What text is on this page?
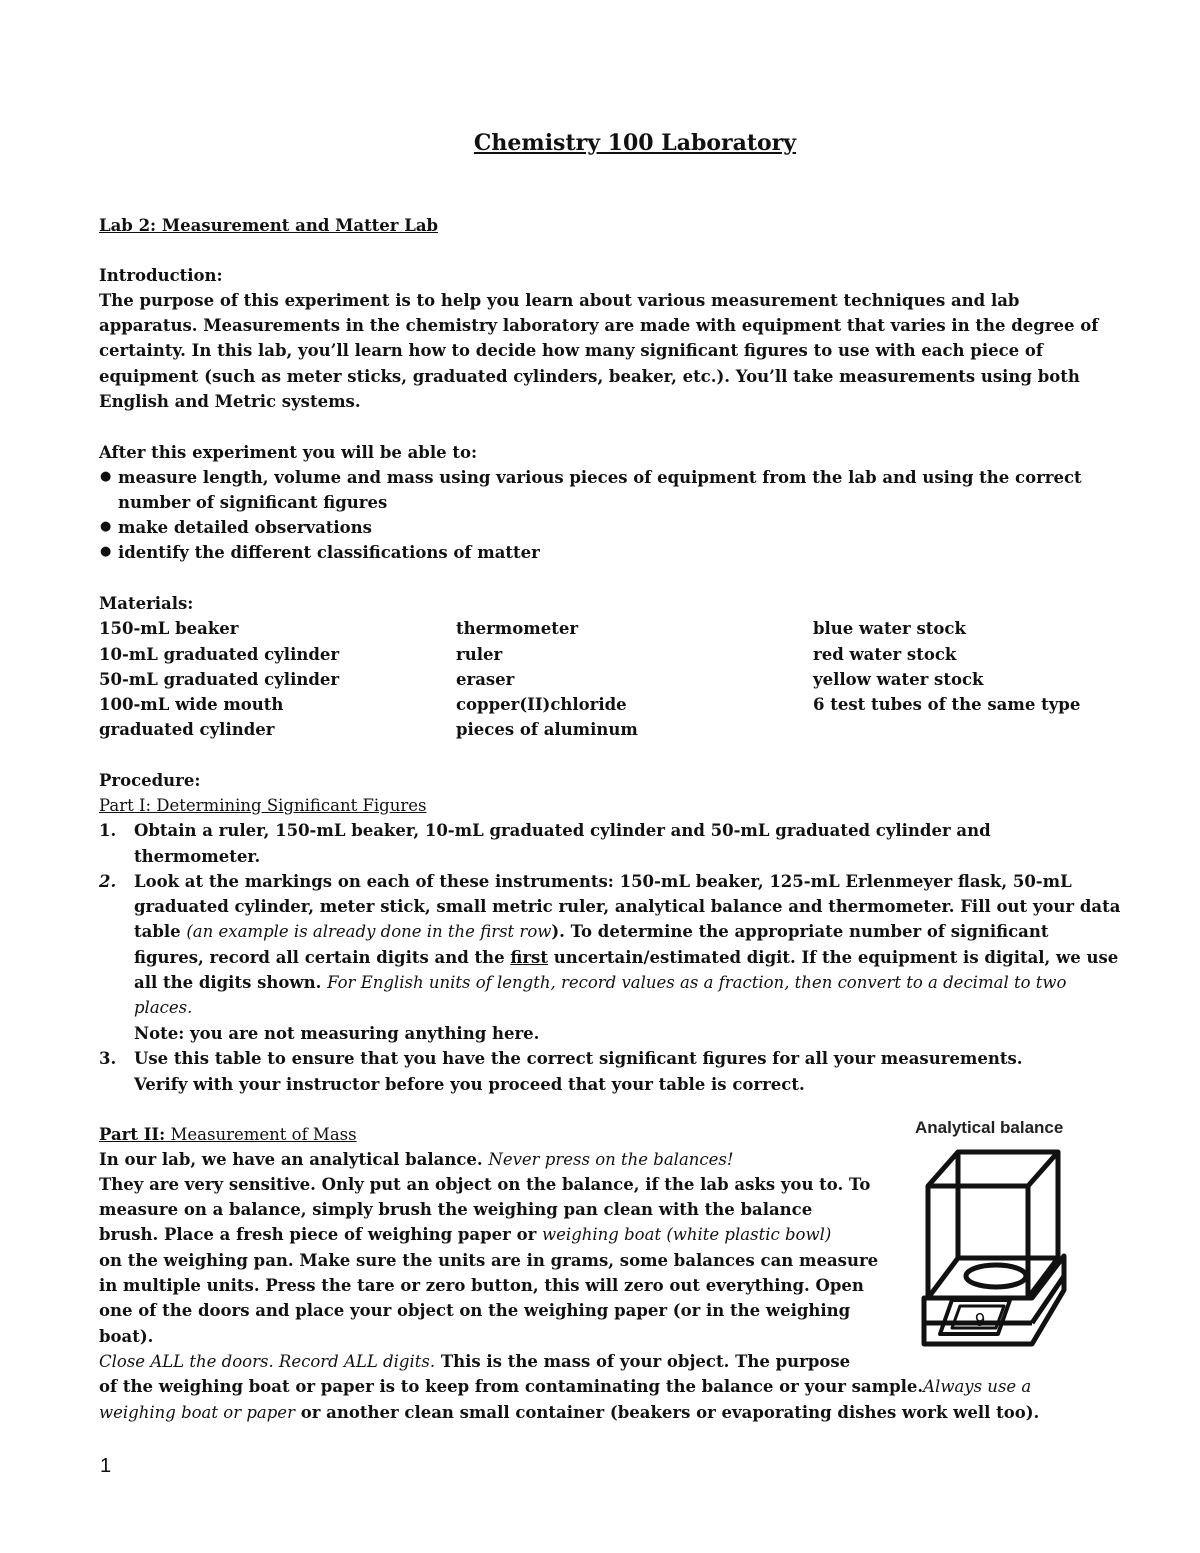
Chemistry 100 Laboratory
Lab 2: Measurement and Matter Lab
Introduction:
The purpose of this experiment is to help you learn about various measurement techniques and lab
apparatus. Measurements in the chemistry laboratory are made with equipment that varies in the degree of
certainty. In this lab, you’ll learn how to decide how many significant figures to use with each piece of
equipment (such as meter sticks, graduated cylinders, beaker, etc.). You’ll take measurements using both
English and Metric systems.
After this experiment you will be able to:
● measure length, volume and mass using various pieces of equipment from the lab and using the correct
number of significant figures
● make detailed observations
● identify the different classifications of matter
Materials:
150-mL beaker
10-mL graduated cylinder
50-mL graduated cylinder
100-mL wide mouth
graduated cylinder
thermometer
ruler
eraser
copper(II)chloride
pieces of aluminum
blue water stock
red water stock
yellow water stock
6 test tubes of the same type
Procedure:
Part I: Determining Significant Figures
1. Obtain a ruler, 150-mL beaker, 10-mL graduated cylinder and 50-mL graduated cylinder and
thermometer.
2. Look at the markings on each of these instruments: 150-mL beaker, 125-mL Erlenmeyer flask, 50-mL
graduated cylinder, meter stick, small metric ruler, analytical balance and thermometer. Fill out your data
table (an example is already done in the first row). To determine the appropriate number of significant
figures, record all certain digits and the first uncertain/estimated digit. If the equipment is digital, we use
all the digits shown. For English units of length, record values as a fraction, then convert to a decimal to two
places.
Note: you are not measuring anything here.
3. Use this table to ensure that you have the correct significant figures for all your measurements.
Verify with your instructor before you proceed that your table is correct.
Part II: Measurement of Mass
In our lab, we have an analytical balance. Never press on the balances!
They are very sensitive. Only put an object on the balance, if the lab asks you to. To
measure on a balance, simply brush the weighing pan clean with the balance
brush. Place a fresh piece of weighing paper or weighing boat (white plastic bowl)
on the weighing pan. Make sure the units are in grams, some balances can measure
in multiple units. Press the tare or zero button, this will zero out everything. Open
one of the doors and place your object on the weighing paper (or in the weighing
boat).
Close ALL the doors. Record ALL digits. This is the mass of your object. The purpose
of the weighing boat or paper is to keep from contaminating the balance or your sample.Always use a
weighing boat or paper or another clean small container (beakers or evaporating dishes work well too).
Analytical balance
9
1
